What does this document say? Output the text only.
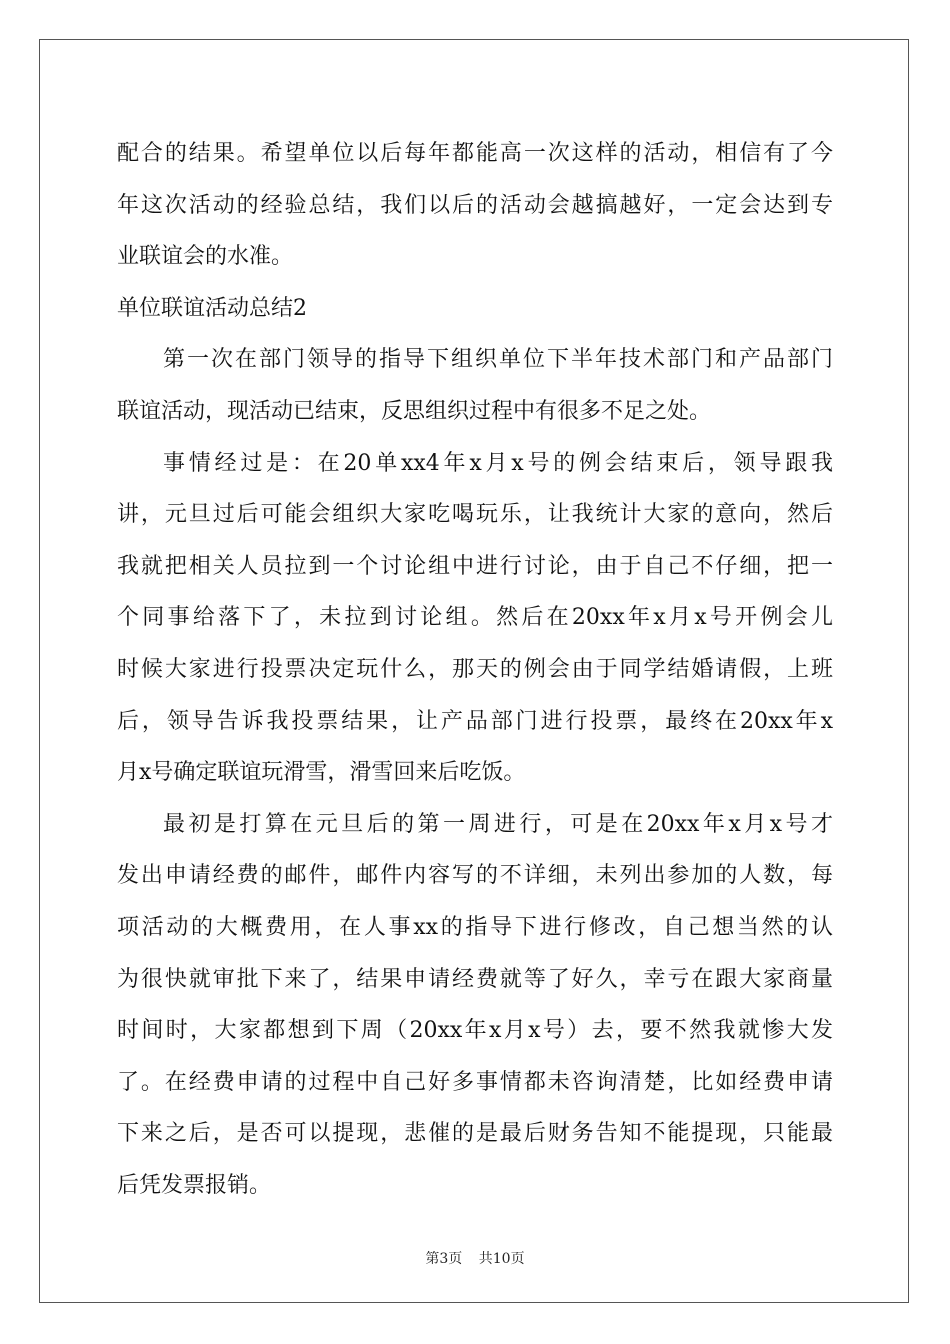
配合的结果。希望单位以后每年都能高一次这样的活动，相信有了今
年这次活动的经验总结，我们以后的活动会越搞越好，一定会达到专
业联谊会的水准。
单位联谊活动总结2
第一次在部门领导的指导下组织单位下半年技术部门和产品部门
联谊活动，现活动已结束，反思组织过程中有很多不足之处。
事情经过是：在20单xx4年x月x号的例会结束后，领导跟我
讲，元旦过后可能会组织大家吃喝玩乐，让我统计大家的意向，然后
我就把相关人员拉到一个讨论组中进行讨论，由于自己不仔细，把一
个同事给落下了，未拉到讨论组。然后在20xx年x月x号开例会儿
时候大家进行投票决定玩什么，那天的例会由于同学结婚请假，上班
后，领导告诉我投票结果，让产品部门进行投票，最终在20xx年x
月x号确定联谊玩滑雪，滑雪回来后吃饭。
最初是打算在元旦后的第一周进行，可是在20xx年x月x号才
发出申请经费的邮件，邮件内容写的不详细，未列出参加的人数，每
项活动的大概费用，在人事xx的指导下进行修改，自己想当然的认
为很快就审批下来了，结果申请经费就等了好久，幸亏在跟大家商量
时间时，大家都想到下周（20xx年x月x号）去，要不然我就惨大发
了。在经费申请的过程中自己好多事情都未咨询清楚，比如经费申请
下来之后，是否可以提现，悲催的是最后财务告知不能提现，只能最
后凭发票报销。
第3页 共10页
